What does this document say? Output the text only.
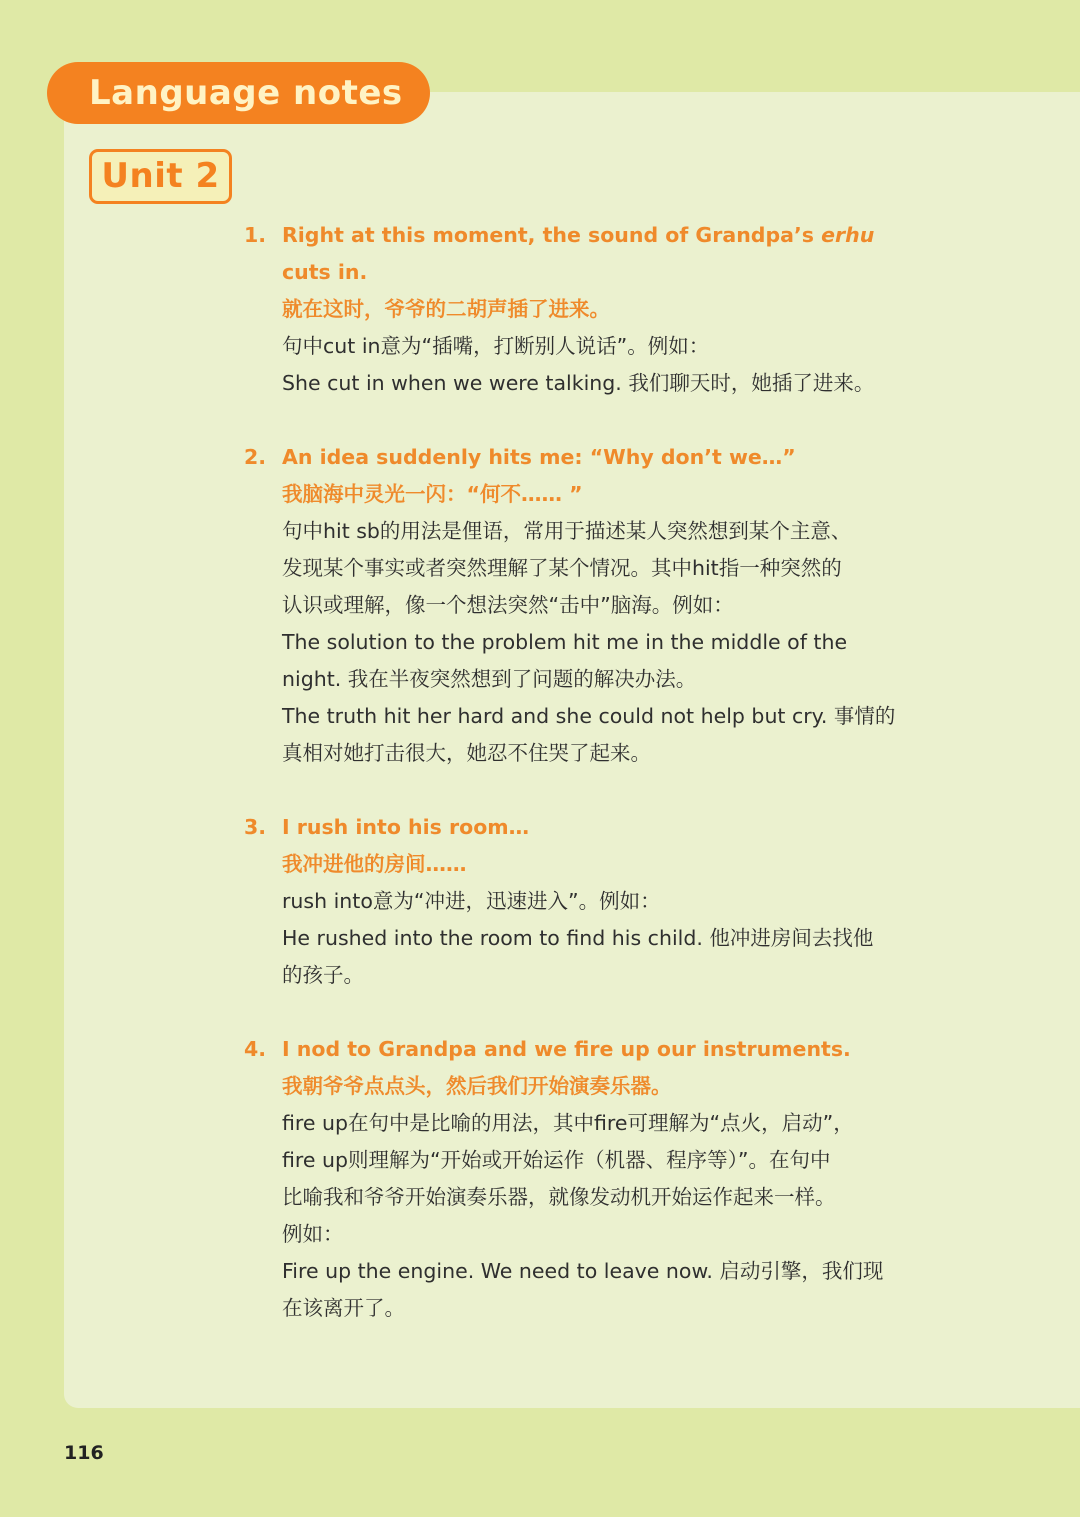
Language notes
Unit 2
1. Right at this moment, the sound of Grandpa’s erhu
cuts in.
就在这时，爷爷的二胡声插了进来。
句中cut in意为“插嘴，打断别人说话”。例如：
She cut in when we were talking. 我们聊天时，她插了进来。
2. An idea suddenly hits me: “Why don’t we…”
我脑海中灵光一闪：“何不…… ”
句中hit sb的用法是俚语，常用于描述某人突然想到某个主意、
发现某个事实或者突然理解了某个情况。其中hit指一种突然的
认识或理解，像一个想法突然“击中”脑海。例如：
The solution to the problem hit me in the middle of the
night. 我在半夜突然想到了问题的解决办法。
The truth hit her hard and she could not help but cry. 事情的
真相对她打击很大，她忍不住哭了起来。
3. I rush into his room…
我冲进他的房间……
rush into意为“冲进，迅速进入”。例如：
He rushed into the room to find his child. 他冲进房间去找他
的孩子。
4. I nod to Grandpa and we fire up our instruments.
我朝爷爷点点头，然后我们开始演奏乐器。
fire up在句中是比喻的用法，其中fire可理解为“点火，启动”，
fire up则理解为“开始或开始运作（机器、程序等）”。在句中
比喻我和爷爷开始演奏乐器，就像发动机开始运作起来一样。
例如：
Fire up the engine. We need to leave now. 启动引擎，我们现
在该离开了。
116
